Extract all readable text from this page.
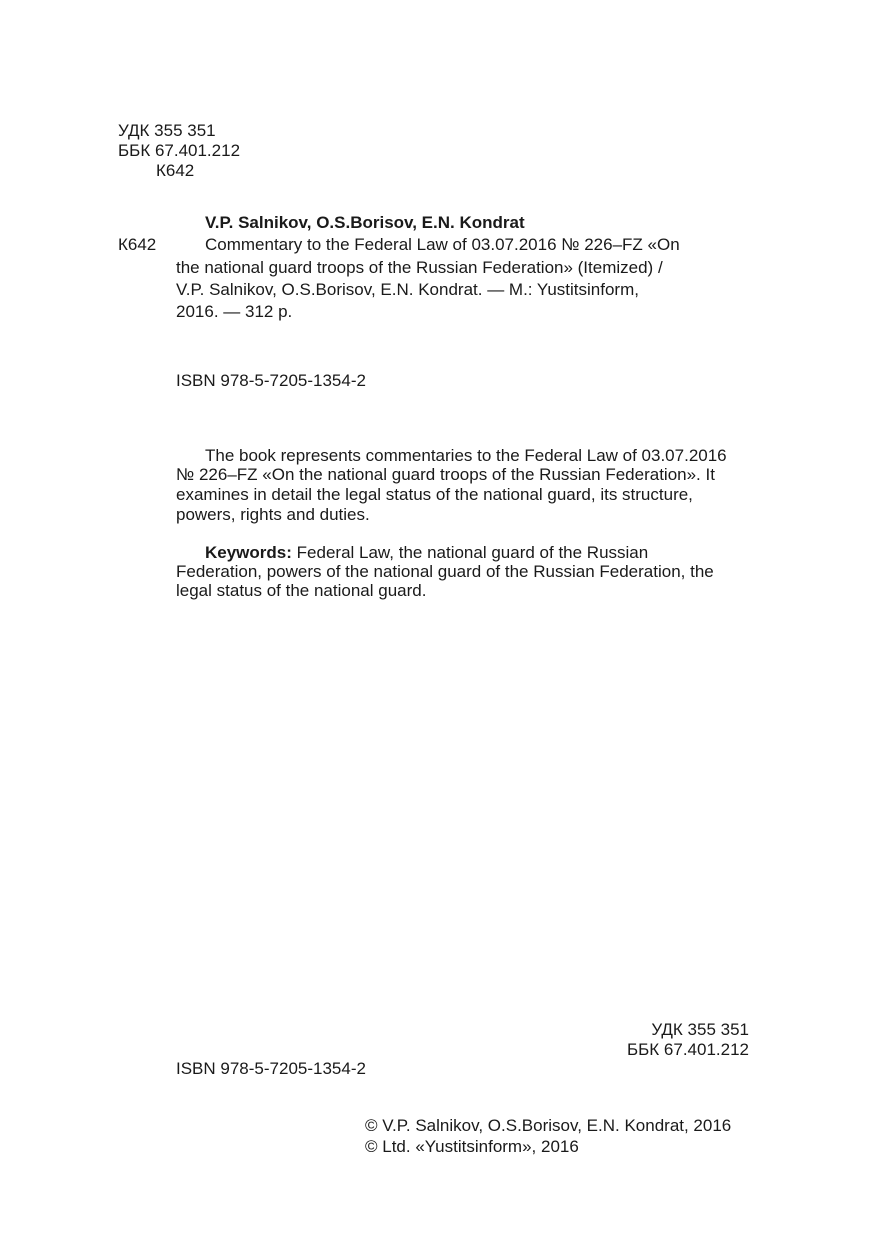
УДК 355 351
ББК 67.401.212
К642
V.P. Salnikov, O.S.Borisov, E.N. Kondrat
К642	Commentary to the Federal Law of 03.07.2016 № 226–FZ «On
the national guard troops of the Russian Federation» (Itemized) /
V.P. Salnikov, O.S.Borisov, E.N. Kondrat. — M.: Yustitsinform,
2016. — 312 p.
ISBN 978-5-7205-1354-2
The book represents commentaries to the Federal Law of 03.07.2016
№ 226–FZ «On the national guard troops of the Russian Federation». It
examines in detail the legal status of the national guard, its structure,
powers, rights and duties.
Keywords: Federal Law, the national guard of the Russian
Federation, powers of the national guard of the Russian Federation, the
legal status of the national guard.
УДК 355 351
ББК 67.401.212
ISBN 978-5-7205-1354-2
© V.P. Salnikov, O.S.Borisov, E.N. Kondrat, 2016
© Ltd. «Yustitsinform», 2016
